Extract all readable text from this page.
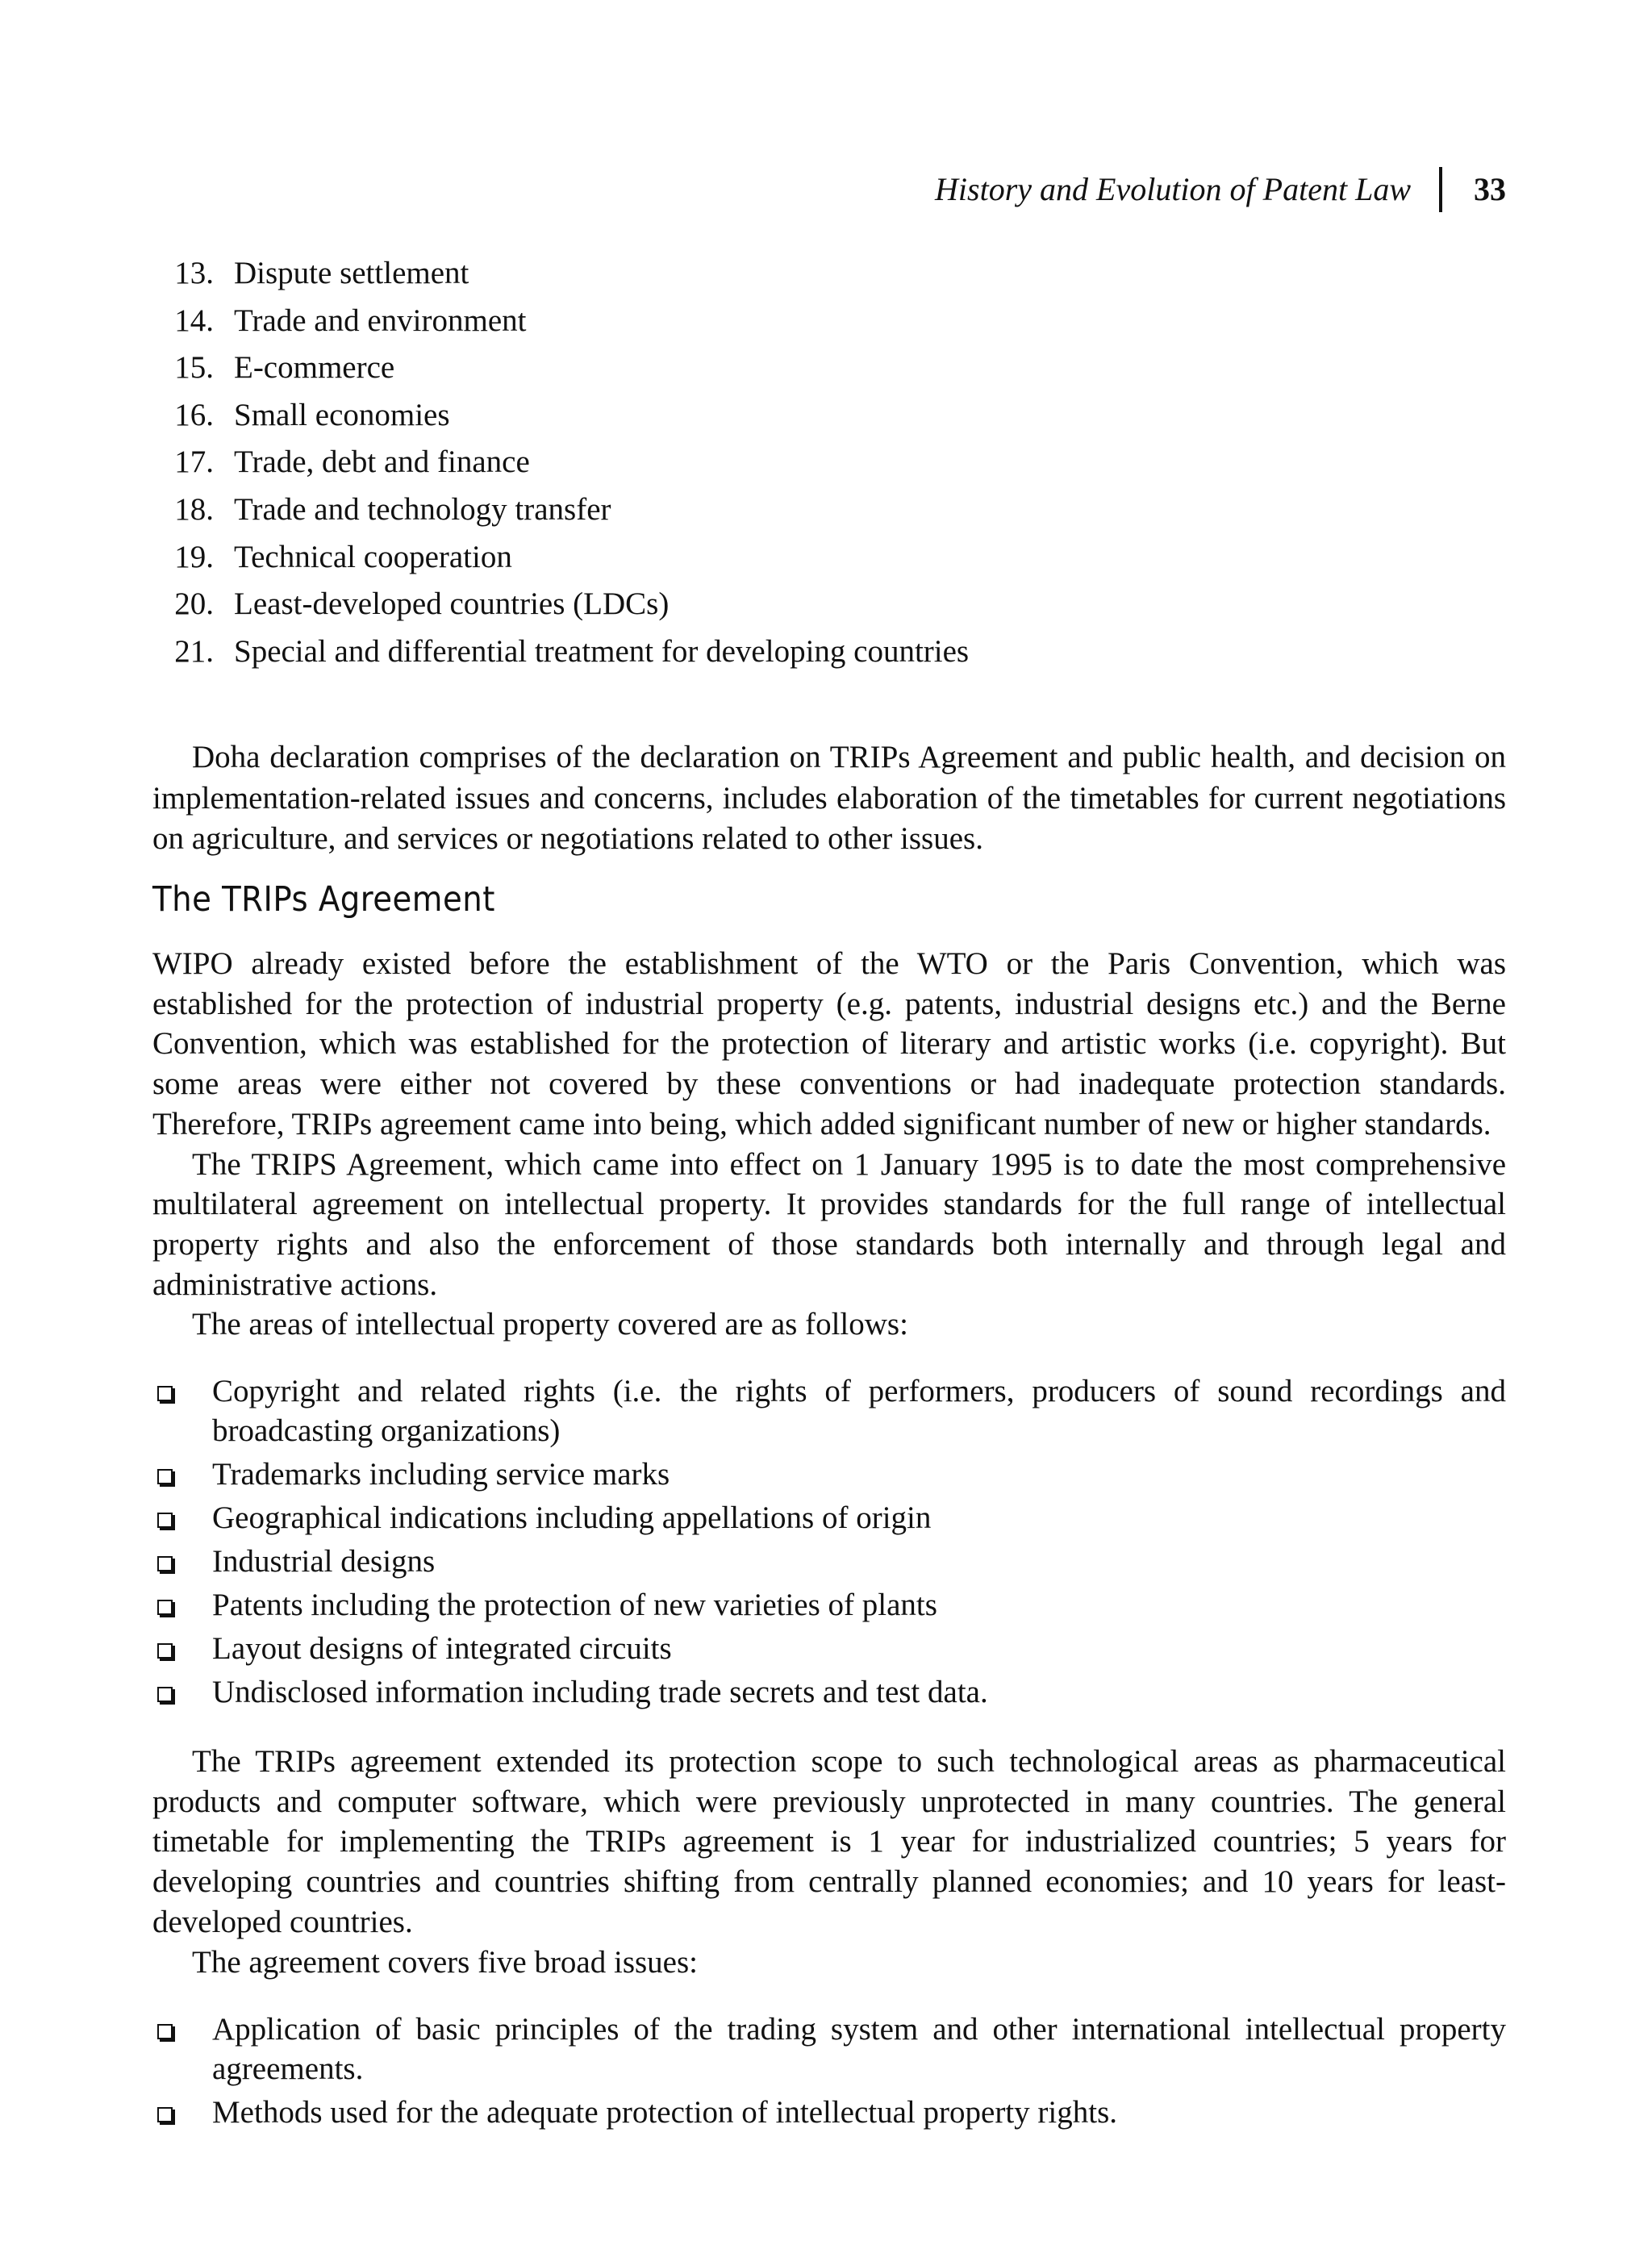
History and Evolution of Patent Law 33
13. Dispute settlement
14. Trade and environment
15. E-commerce
16. Small economies
17. Trade, debt and finance
18. Trade and technology transfer
19. Technical cooperation
20. Least-developed countries (LDCs)
21. Special and differential treatment for developing countries

Doha declaration comprises of the declaration on TRIPs Agreement and public health, and decision on implementation-related issues and concerns, includes elaboration of the timetables for current negotiations on agriculture, and services or negotiations related to other issues.

The TRIPs Agreement

WIPO already existed before the establishment of the WTO or the Paris Convention, which was established for the protection of industrial property (e.g. patents, industrial designs etc.) and the Berne Convention, which was established for the protection of literary and artistic works (i.e. copyright). But some areas were either not covered by these conventions or had inadequate protection standards. Therefore, TRIPs agreement came into being, which added significant number of new or higher standards.

The TRIPS Agreement, which came into effect on 1 January 1995 is to date the most comprehensive multilateral agreement on intellectual property. It provides standards for the full range of intellectual property rights and also the enforcement of those standards both internally and through legal and administrative actions.

The areas of intellectual property covered are as follows:

Copyright and related rights (i.e. the rights of performers, producers of sound recordings and broadcasting organizations)
Trademarks including service marks
Geographical indications including appellations of origin
Industrial designs
Patents including the protection of new varieties of plants
Layout designs of integrated circuits
Undisclosed information including trade secrets and test data.

The TRIPs agreement extended its protection scope to such technological areas as pharmaceutical products and computer software, which were previously unprotected in many countries. The general timetable for implementing the TRIPs agreement is 1 year for industrialized countries; 5 years for developing countries and countries shifting from centrally planned economies; and 10 years for least-developed countries.

The agreement covers five broad issues:

Application of basic principles of the trading system and other international intellectual property agreements.
Methods used for the adequate protection of intellectual property rights.
